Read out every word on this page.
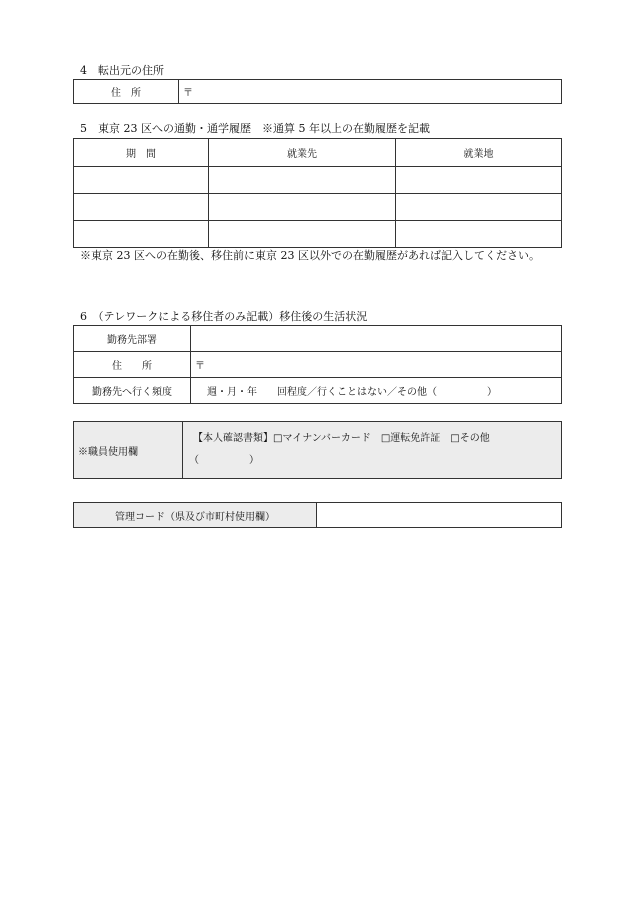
4　転出元の住所
住　所	〒
5　東京 23 区への通勤・通学履歴　※通算 5 年以上の在勤履歴を記載
期　間	就業先	就業地

※東京 23 区への在勤後、移住前に東京 23 区以外での在勤履歴があれば記入してください。
6　（テレワークによる移住者のみ記載）移住後の生活状況
勤務先部署	
住　　所	〒
勤務先へ行く頻度	週・月・年　　回程度／行くことはない／その他（　　　　　）
※職員使用欄	
【本人確認書類】□マイナンバーカード　□運転免許証　□その他
（　　　　　）
管理コード（県及び市町村使用欄）	
